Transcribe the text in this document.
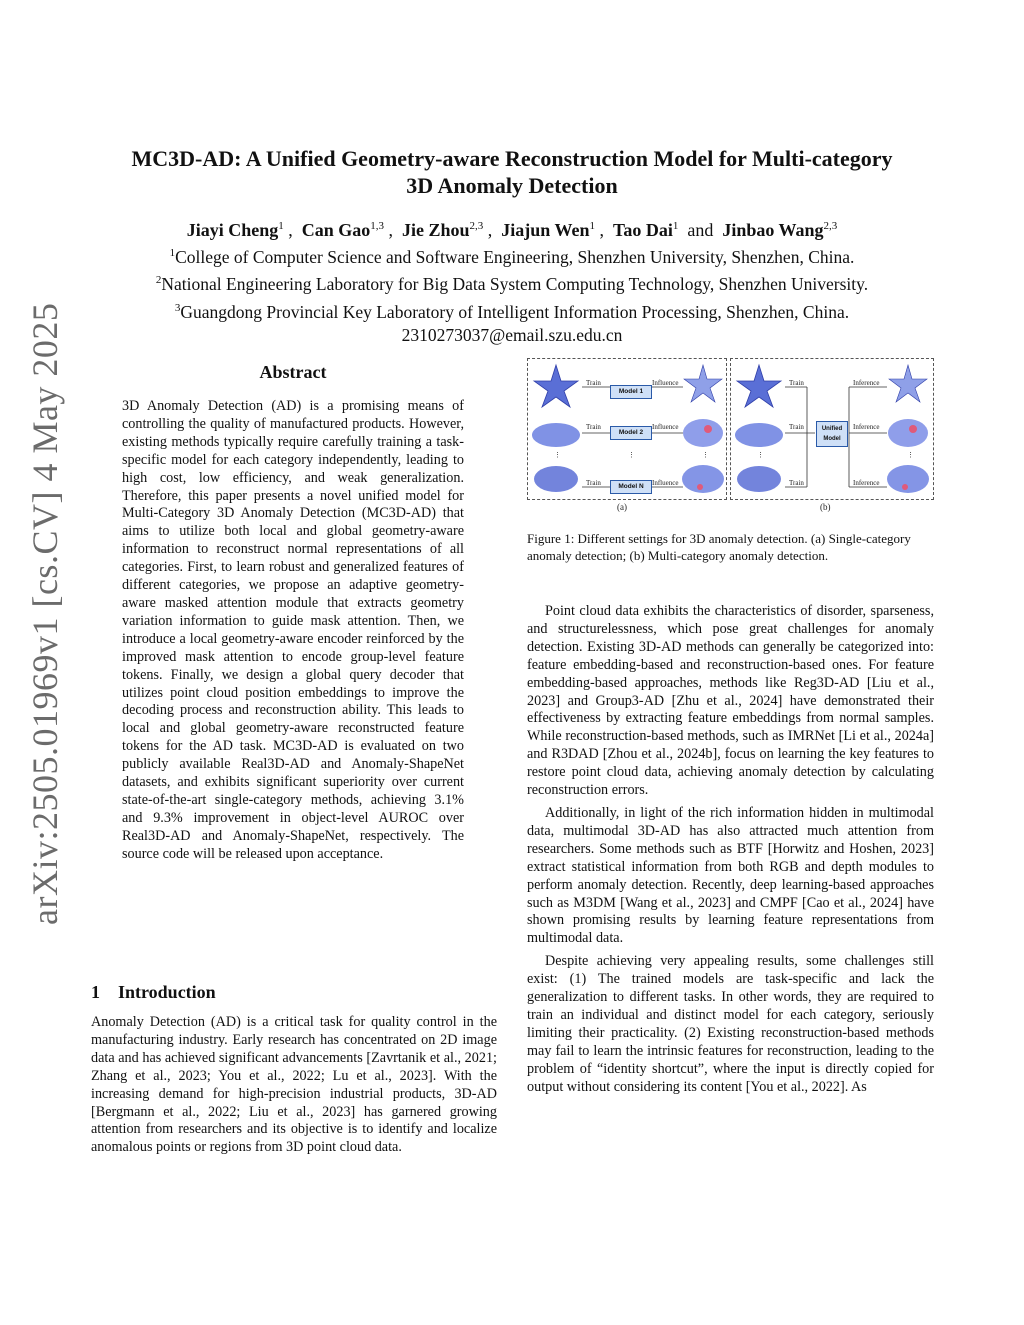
arXiv:2505.01969v1 [cs.CV] 4 May 2025
MC3D-AD: A Unified Geometry-aware Reconstruction Model for Multi-category
3D Anomaly Detection
Jiayi Cheng$^1$ ,  Can Gao$^{1,3}$ ,  Jie Zhou$^{2,3}$ ,  Jiajun Wen$^1$ ,  Tao Dai$^1$ and Jinbao Wang$^{2,3}$
$^1$College of Computer Science and Software Engineering, Shenzhen University, Shenzhen, China.
$^2$National Engineering Laboratory for Big Data System Computing Technology, Shenzhen University.
$^3$Guangdong Provincial Key Laboratory of Intelligent Information Processing, Shenzhen, China.
2310273037@email.szu.edu.cn
Abstract
3D Anomaly Detection (AD) is a promising means of controlling the quality of manufactured products. However, existing methods typically require carefully training a task-specific model for each category independently, leading to high cost, low efficiency, and weak generalization. Therefore, this paper presents a novel unified model for Multi-Category 3D Anomaly Detection (MC3D-AD) that aims to utilize both local and global geometry-aware information to reconstruct normal representations of all categories. First, to learn robust and generalized features of different categories, we propose an adaptive geometry-aware masked attention module that extracts geometry variation information to guide mask attention. Then, we introduce a local geometry-aware encoder reinforced by the improved mask attention to encode group-level feature tokens. Finally, we design a global query decoder that utilizes point cloud position embeddings to improve the decoding process and reconstruction ability. This leads to local and global geometry-aware reconstructed feature tokens for the AD task. MC3D-AD is evaluated on two publicly available Real3D-AD and Anomaly-ShapeNet datasets, and exhibits significant superiority over current state-of-the-art single-category methods, achieving 3.1% and 9.3% improvement in object-level AUROC over Real3D-AD and Anomaly-ShapeNet, respectively. The source code will be released upon acceptance.
1 Introduction
Anomaly Detection (AD) is a critical task for quality control in the manufacturing industry. Early research has concentrated on 2D image data and has achieved significant advancements [Zavrtanik et al., 2021; Zhang et al., 2023; You et al., 2022; Lu et al., 2023]. With the increasing demand for high-precision industrial products, 3D-AD [Bergmann et al., 2022; Liu et al., 2023] has garnered growing attention from researchers and its objective is to identify and localize anomalous points or regions from 3D point cloud data.
Model 1
Model 2
Model N
Train	Influence
Train	Influence
Train	Influence
⋮	⋮	⋮
(a)
Unified
Model
Train	Inference
Train	Inference
Train	Inference
⋮	⋮
(b)
Figure 1: Different settings for 3D anomaly detection. (a) Single-category anomaly detection; (b) Multi-category anomaly detection.

Point cloud data exhibits the characteristics of disorder, sparseness, and structurelessness, which pose great challenges for anomaly detection. Existing 3D-AD methods can generally be categorized into: feature embedding-based and reconstruction-based ones. For feature embedding-based approaches, methods like Reg3D-AD [Liu et al., 2023] and Group3-AD [Zhu et al., 2024] have demonstrated their effectiveness by extracting feature embeddings from normal samples. While reconstruction-based methods, such as IMRNet [Li et al., 2024a] and R3DAD [Zhou et al., 2024b], focus on learning the key features to restore point cloud data, achieving anomaly detection by calculating reconstruction errors.

Additionally, in light of the rich information hidden in multimodal data, multimodal 3D-AD has also attracted much attention from researchers. Some methods such as BTF [Horwitz and Hoshen, 2023] extract statistical information from both RGB and depth modules to perform anomaly detection. Recently, deep learning-based approaches such as M3DM [Wang et al., 2023] and CMPF [Cao et al., 2024] have shown promising results by learning feature representations from multimodal data.

Despite achieving very appealing results, some challenges still exist: (1) The trained models are task-specific and lack the generalization to different tasks. In other words, they are required to train an individual and distinct model for each category, seriously limiting their practicality. (2) Existing reconstruction-based methods may fail to learn the intrinsic features for reconstruction, leading to the problem of “identity shortcut”, where the input is directly copied for output without considering its content [You et al., 2022]. As
